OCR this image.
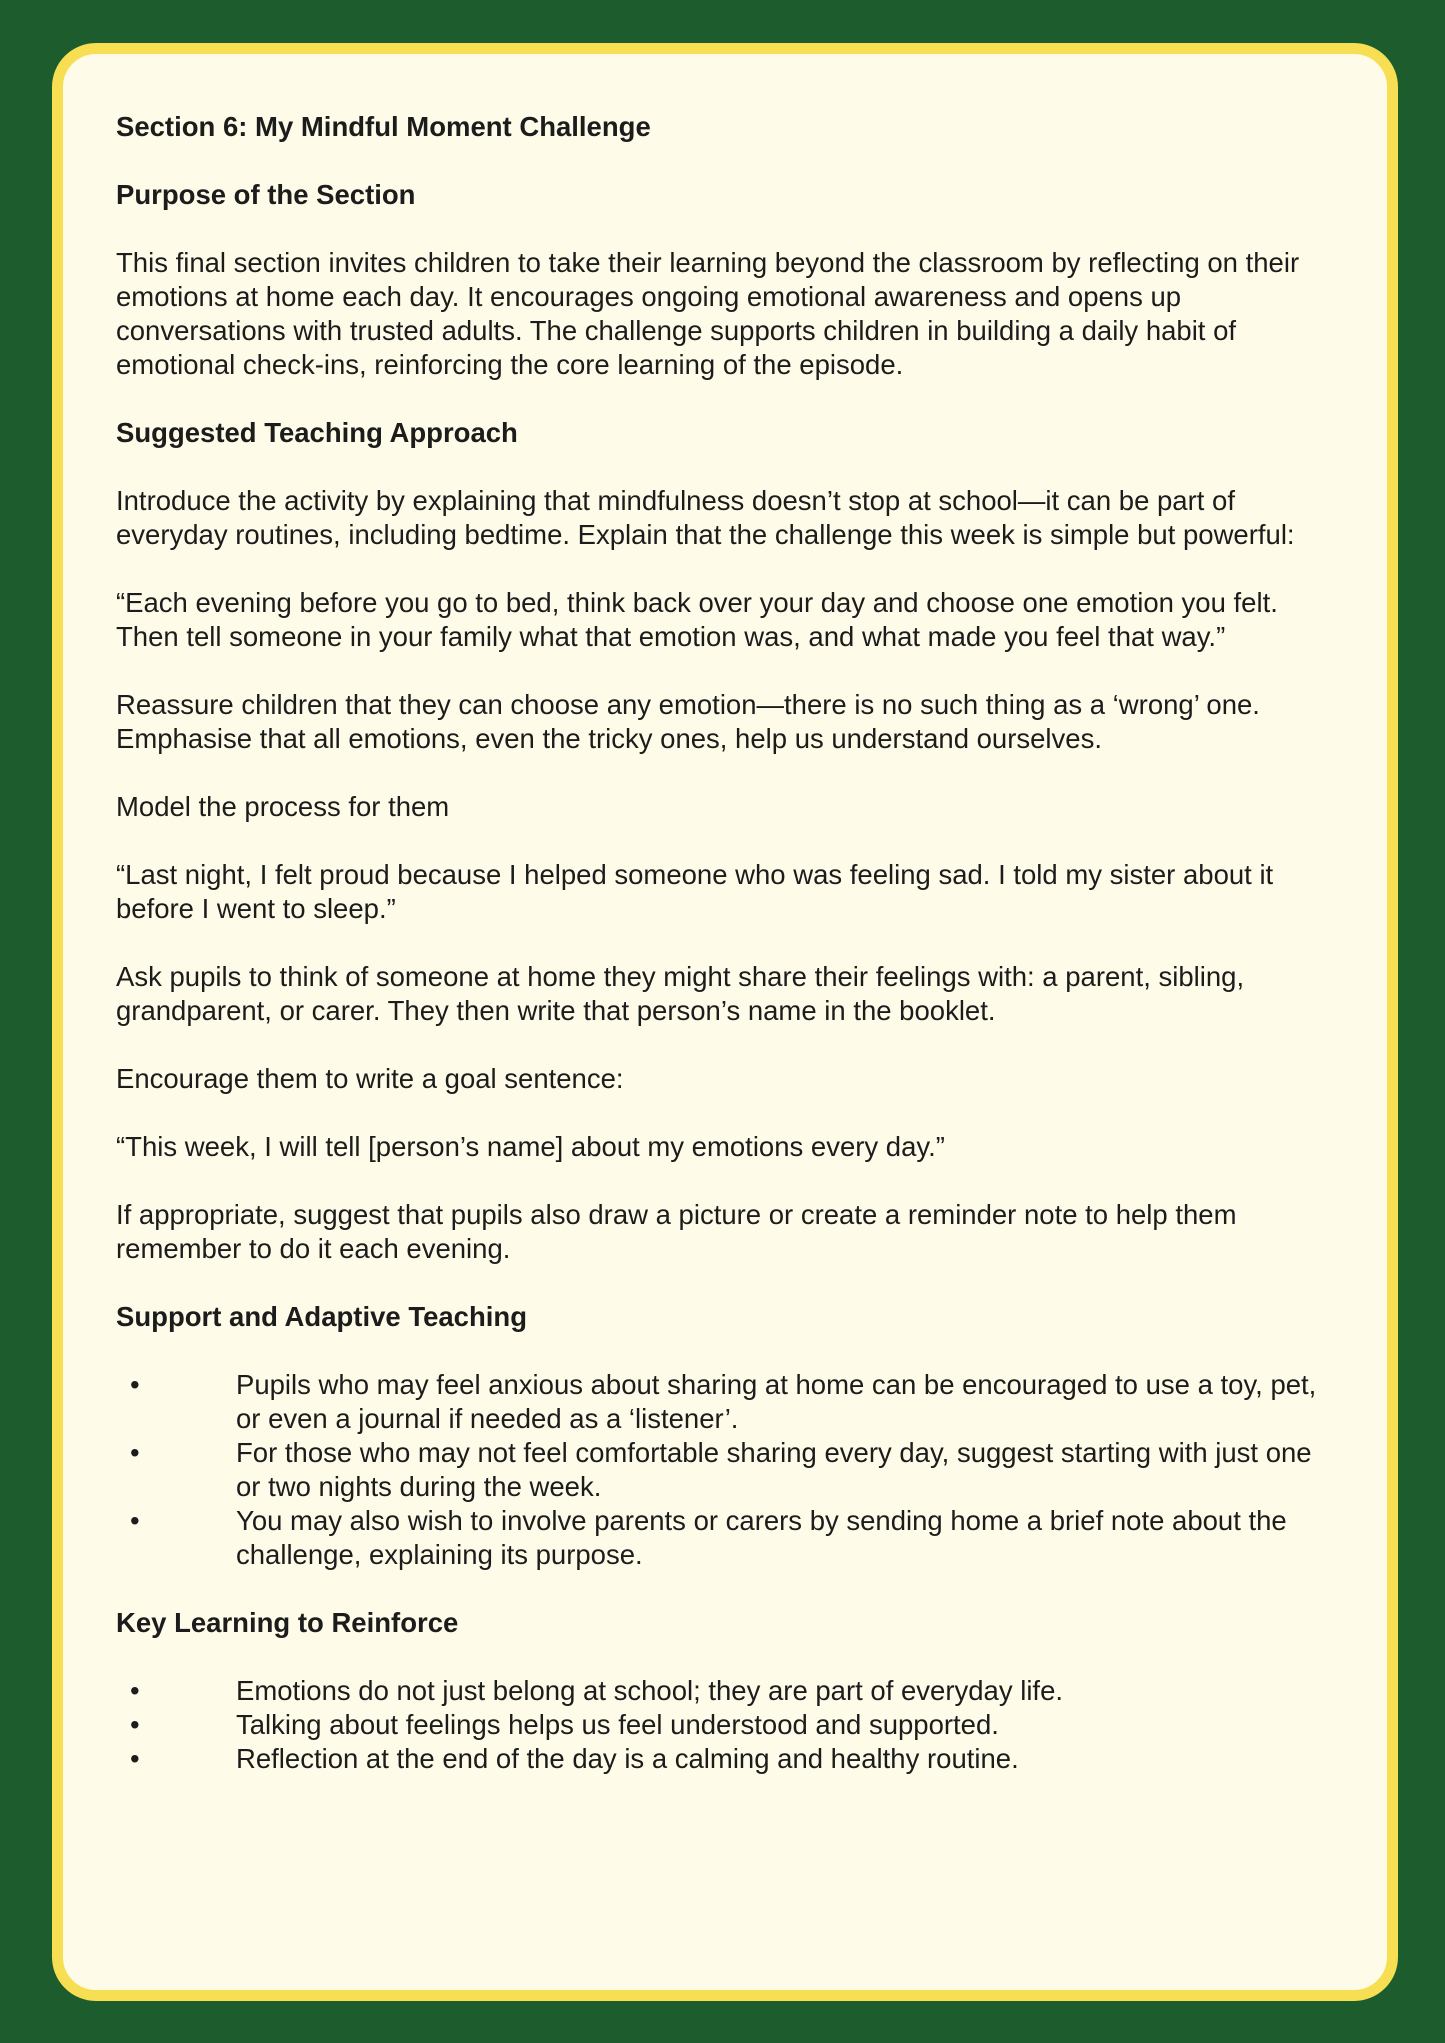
Section 6: My Mindful Moment Challenge
Purpose of the Section

This final section invites children to take their learning beyond the classroom by reflecting on their emotions at home each day. It encourages ongoing emotional awareness and opens up conversations with trusted adults. The challenge supports children in building a daily habit of emotional check-ins, reinforcing the core learning of the episode.

Suggested Teaching Approach

Introduce the activity by explaining that mindfulness doesn’t stop at school—it can be part of everyday routines, including bedtime. Explain that the challenge this week is simple but powerful:

“Each evening before you go to bed, think back over your day and choose one emotion you felt. Then tell someone in your family what that emotion was, and what made you feel that way.”

Reassure children that they can choose any emotion—there is no such thing as a ‘wrong’ one. Emphasise that all emotions, even the tricky ones, help us understand ourselves.

Model the process for them

“Last night, I felt proud because I helped someone who was feeling sad. I told my sister about it before I went to sleep.”

Ask pupils to think of someone at home they might share their feelings with: a parent, sibling, grandparent, or carer. They then write that person’s name in the booklet.

Encourage them to write a goal sentence:

“This week, I will tell [person’s name] about my emotions every day.”

If appropriate, suggest that pupils also draw a picture or create a reminder note to help them remember to do it each evening.

Support and Adaptive Teaching
•	Pupils who may feel anxious about sharing at home can be encouraged to use a toy, pet, or even a journal if needed as a ‘listener’.
•	For those who may not feel comfortable sharing every day, suggest starting with just one or two nights during the week.
•	You may also wish to involve parents or carers by sending home a brief note about the challenge, explaining its purpose.
Key Learning to Reinforce
•	Emotions do not just belong at school; they are part of everyday life.
•	Talking about feelings helps us feel understood and supported.
•	Reflection at the end of the day is a calming and healthy routine.
